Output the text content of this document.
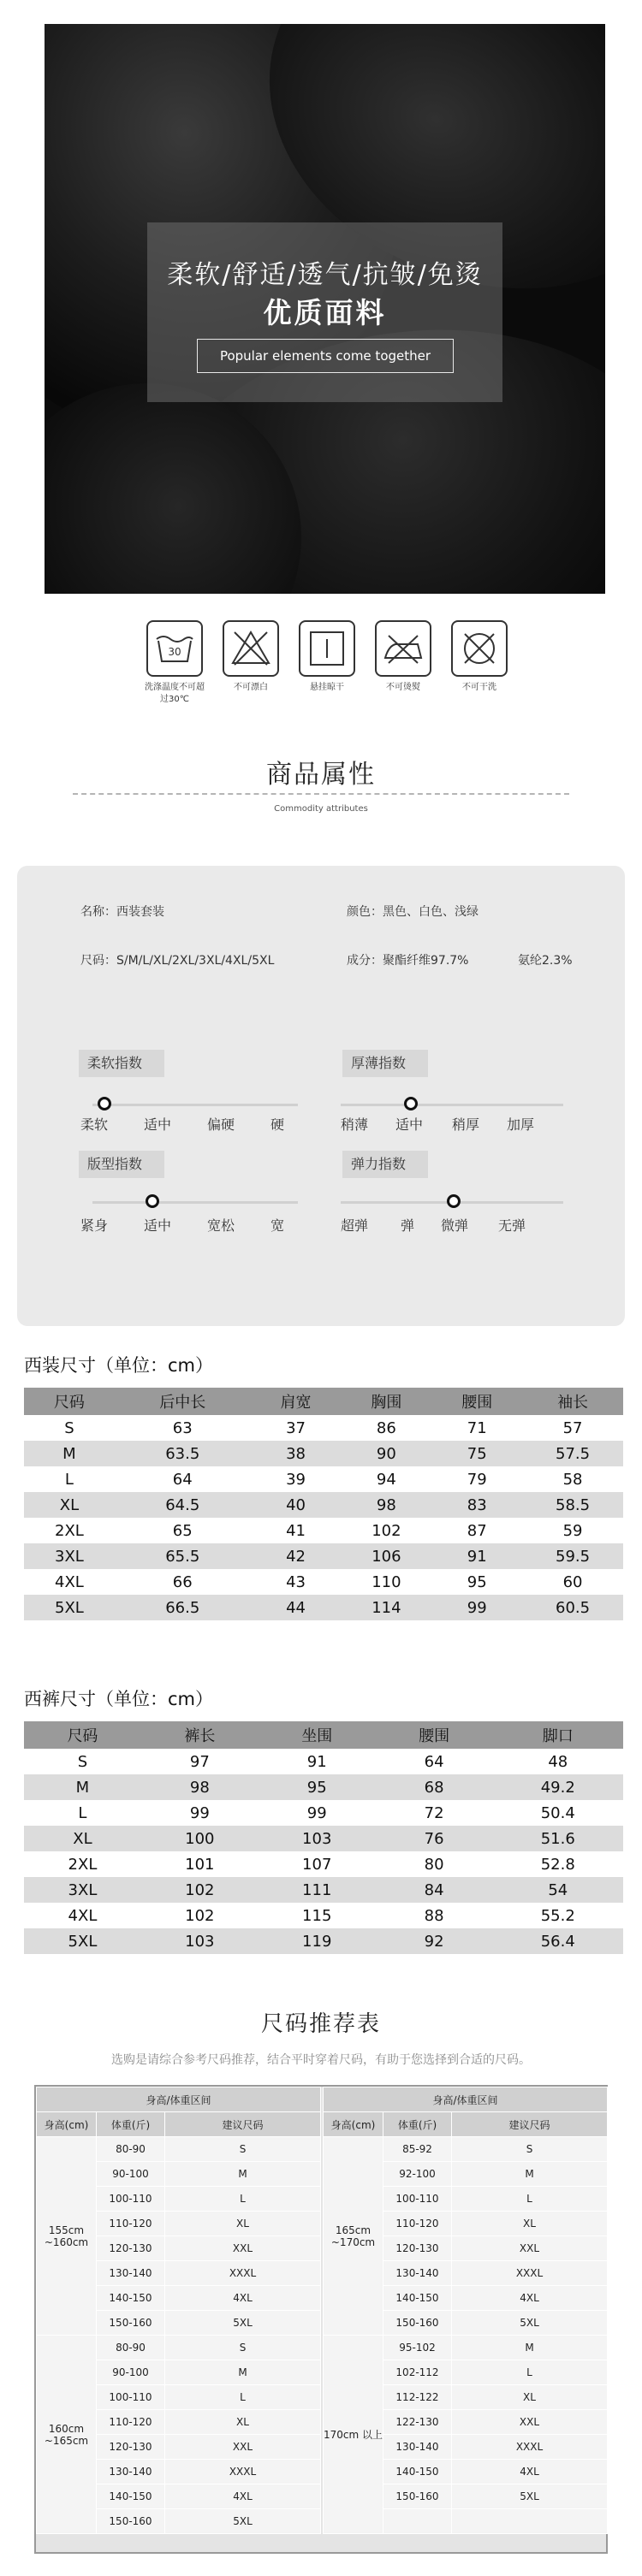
柔软/舒适/透气/抗皱/免烫
优质面料
Popular elements come together
30
洗涤温度不可超过30℃
不可漂白	悬挂晾干	不可烫熨	不可干洗
商品属性
Commodity attributes
名称：西装套装	颜色：黑色、白色、浅绿
尺码：S/M/L/XL/2XL/3XL/4XL/5XL	成分：聚酯纤维97.7%	氨纶2.3%
柔软指数
柔软	适中	偏硬	硬
厚薄指数
稍薄 适中 稍厚 加厚
版型指数
紧身	适中	宽松	宽
弹力指数
超弹 弹 微弹 无弹
西装尺寸（单位：cm）
尺码	后中长	肩宽	胸围	腰围	袖长
S	63	37	86	71	57
M	63.5	38	90	75	57.5
L	64	39	94	79	58
XL	64.5	40	98	83	58.5
2XL	65	41	102	87	59
3XL	65.5	42	106	91	59.5
4XL	66	43	110	95	60
5XL	66.5	44	114	99	60.5
西裤尺寸（单位：cm）
尺码	裤长	坐围	腰围	脚口
S	97	91	64	48
M	98	95	68	49.2
L	99	99	72	50.4
XL	100	103	76	51.6
2XL	101	107	80	52.8
3XL	102	111	84	54
4XL	102	115	88	55.2
5XL	103	119	92	56.4
尺码推荐表
选购是请综合参考尺码推荐，结合平时穿着尺码，有助于您选择到合适的尺码。
身高/体重区间		
身高(cm)	体重(斤)	建议尺码
155cm ~160cm	80-90	S
	90-100	M
	100-110	L
	110-120	XL
	120-130	XXL
	130-140	XXXL
	140-150	4XL
	150-160	5XL
160cm ~165cm	80-90	S
	90-100	M
	100-110	L
	110-120	XL
	120-130	XXL
	130-140	XXXL
	140-150	4XL
	150-160	5XL
身高/体重区间		
身高(cm)	体重(斤)	建议尺码
165cm ~170cm	85-92	S
	92-100	M
	100-110	L
	110-120	XL
	120-130	XXL
	130-140	XXXL
	140-150	4XL
	150-160	5XL
170cm 以上	95-102	M
	102-112	L
	112-122	XL
	122-130	XXL
	130-140	XXXL
	140-150	4XL
	150-160	5XL
